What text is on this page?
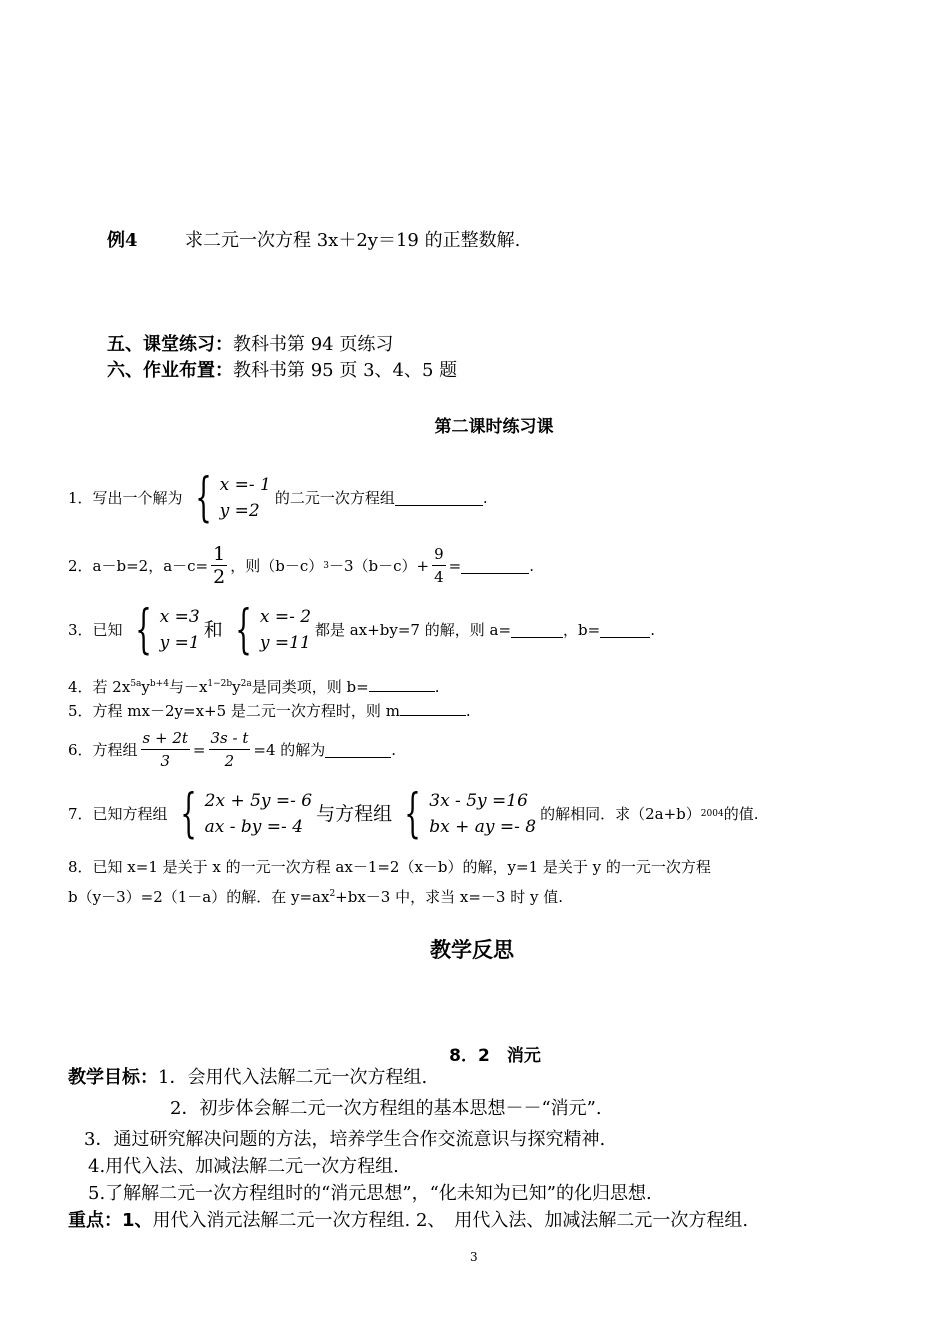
例4	求二元一次方程 3x＋2y＝19 的正整数解.
五、课堂练习：教科书第 94 页练习
六、作业布置：教科书第 95 页 3、4、5 题
第二课时练习课
1．写出一个解为 { x =- 1
y =2
的二元一次方程组	.
2．a－b=2，$a-c= \frac{1}{2}$ ，则（b－c） $3 -3(b-c)+ \frac{9}{4}$ =	.
3．已知 { x =3
y =1
和 { x =- 2
y =11
都是 ax+by=7 的解，则 a=	，b=	.
4．若 $2x^{5a}y^{b+4}$与$-x^{1-2b}y^{2a}$是同类项，则 b=	.
5．方程 mx－2y=x+5 是二元一次方程时，则 m	.
6．方程组 $\frac{s + 2t}{3} = \frac{3s - t}{2} =4$ 的解为	.
7．已知方程组 { 2x + 5y =- 6
ax - by =- 4
与方程组 { 3x - 5y =16
bx + ay =- 8
的解相同．求（2a+b） 2004 的值.
8．已知 x=1 是关于 x 的一元一次方程 ax－1=2（x－b）的解，y=1 是关于 y 的一元一次方程
b（y－3）=2（1－a）的解．在 $y=ax^2+bx-3$ 中，求当 x=－3 时 y 值.
教学反思
8．2　消元
教学目标：1．会用代入法解二元一次方程组.
2．初步体会解二元一次方程组的基本思想－－“消元”.
3．通过研究解决问题的方法，培养学生合作交流意识与探究精神.
4.用代入法、加减法解二元一次方程组.
5.了解解二元一次方程组时的“消元思想”，“化未知为已知”的化归思想.
重点：1、用代入消元法解二元一次方程组. 2、　用代入法、加减法解二元一次方程组.
3
